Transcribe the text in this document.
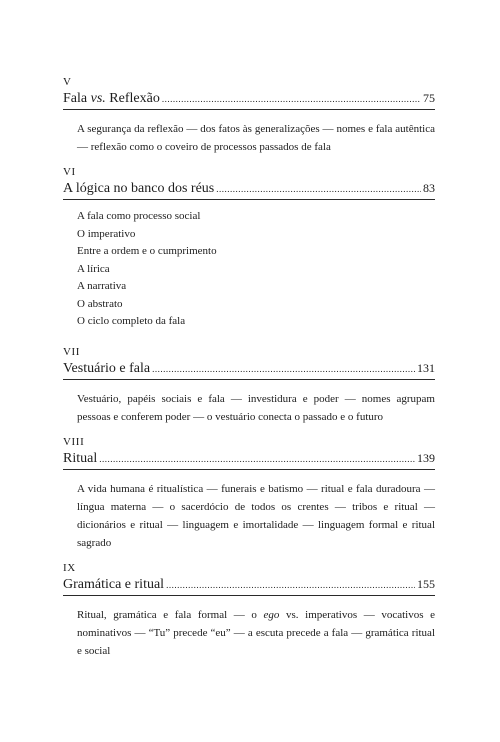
V
Fala vs. Reflexão .....	75

A segurança da reflexão — dos fatos às generalizações — nomes e fala autêntica — reflexão como o coveiro de processos passados de fala

VI
A lógica no banco dos réus .....	83
A fala como processo social
O imperativo
Entre a ordem e o cumprimento
A lírica
A narrativa
O abstrato
O ciclo completo da fala
VII
Vestuário e fala .....	131

Vestuário, papéis sociais e fala — investidura e poder — nomes agrupam pessoas e conferem poder — o vestuário conecta o passado e o futuro

VIII
Ritual .....	139

A vida humana é ritualística — funerais e batismo — ritual e fala duradoura — língua materna — o sacerdócio de todos os crentes — tribos e ritual — dicionários e ritual — linguagem e imortalidade — linguagem formal e ritual sagrado

IX
Gramática e ritual .....	155

Ritual, gramática e fala formal — o ego vs. imperativos — vocativos e nominativos — “Tu” precede “eu” — a escuta precede a fala — gramática ritual e social
